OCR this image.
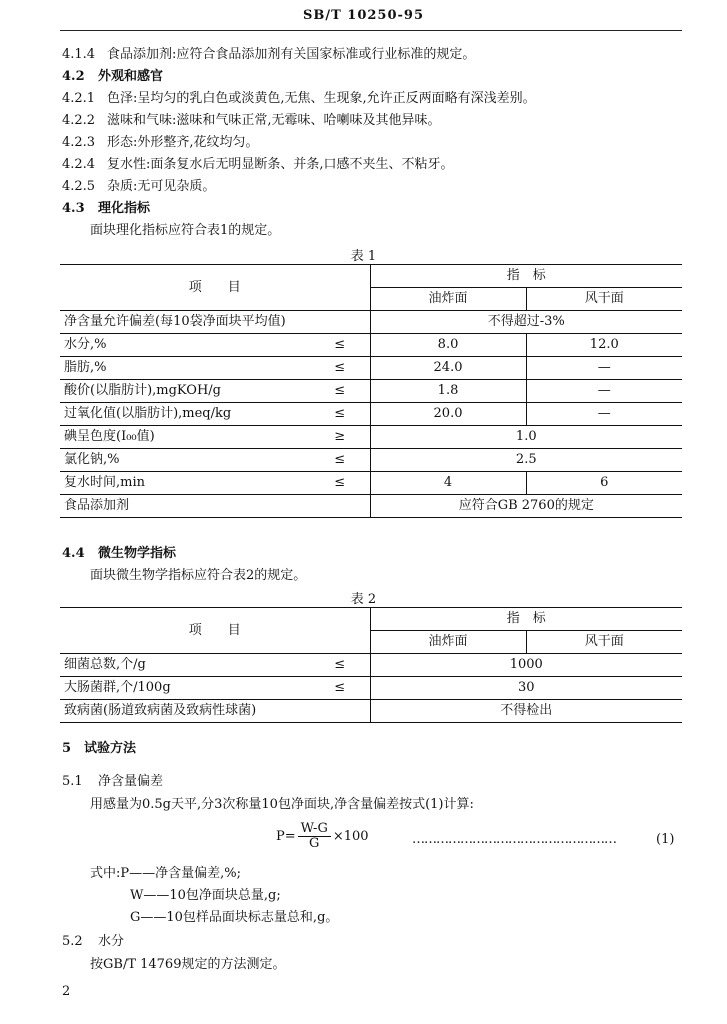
SB/T 10250-95
4.1.4 食品添加剂:应符合食品添加剂有关国家标准或行业标准的规定。
4.2 外观和感官
4.2.1 色泽:呈均匀的乳白色或淡黄色,无焦、生现象,允许正反两面略有深浅差别。
4.2.2 滋味和气味:滋味和气味正常,无霉味、哈喇味及其他异味。
4.2.3 形态:外形整齐,花纹均匀。
4.2.4 复水性:面条复水后无明显断条、并条,口感不夹生、不粘牙。
4.2.5 杂质:无可见杂质。
4.3 理化指标
面块理化指标应符合表1的规定。
表 1
项　　目		指　标	
		油炸面	风干面
净含量允许偏差(每10袋净面块平均值)		不得超过-3%	
水分,%	≤	8.0	12.0
脂肪,%	≤	24.0	—
酸价(以脂肪计),mgKOH/g	≤	1.8	—
过氧化值(以脂肪计),meq/kg	≤	20.0	—
碘呈色度(I₀₀值)	≥	1.0	
氯化钠,%	≤	2.5	
复水时间,min	≤	4	6
食品添加剂		应符合GB 2760的规定	
4.4 微生物学指标
面块微生物学指标应符合表2的规定。
表 2
项　　目		指　标	
		油炸面	风干面
细菌总数,个/g	≤	1000	
大肠菌群,个/100g	≤	30	
致病菌(肠道致病菌及致病性球菌)		不得检出	
5 试验方法
5.1 净含量偏差
用感量为0.5g天平,分3次称量10包净面块,净含量偏差按式(1)计算:
$P= \frac{W-G}{G} \times 100$	……………………………………………	(1)
式中:P——净含量偏差,%;
W——10包净面块总量,g;
G——10包样品面块标志量总和,g。
5.2 水分
按GB/T 14769规定的方法测定。
2
